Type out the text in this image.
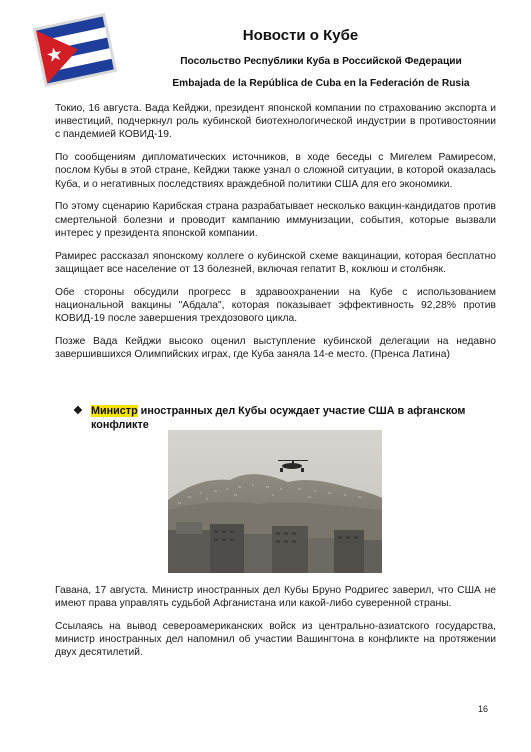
Новости о Кубе
Посольство Республики Куба в Российской Федерации
Embajada de la República de Cuba en la Federación de Rusia

Токио, 16 августа. Вада Кейджи, президент японской компании по страхованию экспорта и инвестиций, подчеркнул роль кубинской биотехнологической индустрии в противостоянии с пандемией КОВИД-19.

По сообщениям дипломатических источников, в ходе беседы с Мигелем Рамиресом, послом Кубы в этой стране, Кейджи также узнал о сложной ситуации, в которой оказалась Куба, и о негативных последствиях враждебной политики США для его экономики.

По этому сценарию Карибская страна разрабатывает несколько вакцин-кандидатов против смертельной болезни и проводит кампанию иммунизации, события, которые вызвали интерес у президента японской компании.

Рамирес рассказал японскому коллеге о кубинской схеме вакцинации, которая бесплатно защищает все население от 13 болезней, включая гепатит В, коклюш и столбняк.

Обе стороны обсудили прогресс в здравоохранении на Кубе с использованием национальной вакцины "Абдала", которая показывает эффективность 92,28% против КОВИД-19 после завершения трехдозового цикла.

Позже Вада Кейджи высоко оценил выступление кубинской делегации на недавно завершившихся Олимпийских играх, где Куба заняла 14-е место. (Пренса Латина)

❖ Министр иностранных дел Кубы осуждает участие США в афганском конфликте

Гавана, 17 августа. Министр иностранных дел Кубы Бруно Родригес заверил, что США не имеют права управлять судьбой Афганистана или какой-либо суверенной страны.

Ссылаясь на вывод североамериканских войск из центрально-азиатского государства, министр иностранных дел напомнил об участии Вашингтона в конфликте на протяжении двух десятилетий.

16
